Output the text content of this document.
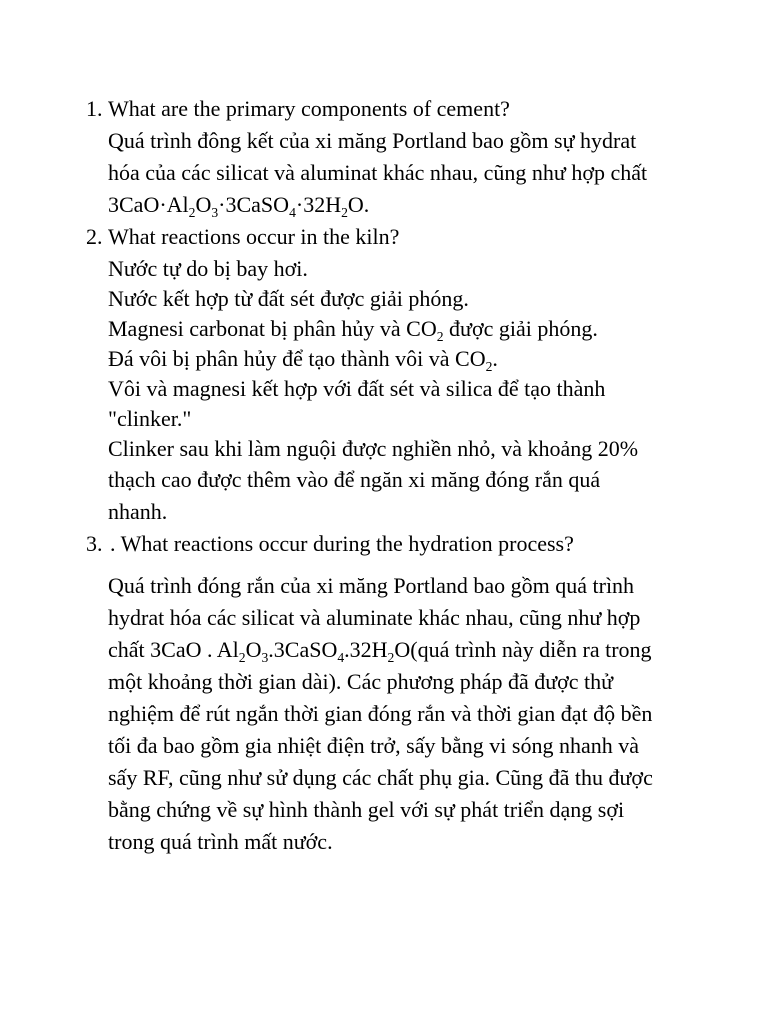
1. What are the primary components of cement?
Quá trình đông kết của xi măng Portland bao gồm sự hydrat
hóa của các silicat và aluminat khác nhau, cũng như hợp chất
$3CaO\cdot Al_2O_3\cdot 3CaSO_4\cdot 32H_2O$.
2. What reactions occur in the kiln?
Nước tự do bị bay hơi.
Nước kết hợp từ đất sét được giải phóng.
Magnesi carbonat bị phân hủy và $CO_2$ được giải phóng.
Đá vôi bị phân hủy để tạo thành vôi và $CO_2$.
Vôi và magnesi kết hợp với đất sét và silica để tạo thành
"clinker."
Clinker sau khi làm nguội được nghiền nhỏ, và khoảng 20%
thạch cao được thêm vào để ngăn xi măng đóng rắn quá
nhanh.
3. . What reactions occur during the hydration process?
Quá trình đóng rắn của xi măng Portland bao gồm quá trình
hydrat hóa các silicat và aluminate khác nhau, cũng như hợp
chất 3CaO . $Al_2O_3.3CaSO_4.32H_2O(quá$ trình này diễn ra trong
một khoảng thời gian dài). Các phương pháp đã được thử
nghiệm để rút ngắn thời gian đóng rắn và thời gian đạt độ bền
tối đa bao gồm gia nhiệt điện trở, sấy bằng vi sóng nhanh và
sấy RF, cũng như sử dụng các chất phụ gia. Cũng đã thu được
bằng chứng về sự hình thành gel với sự phát triển dạng sợi
trong quá trình mất nước.
